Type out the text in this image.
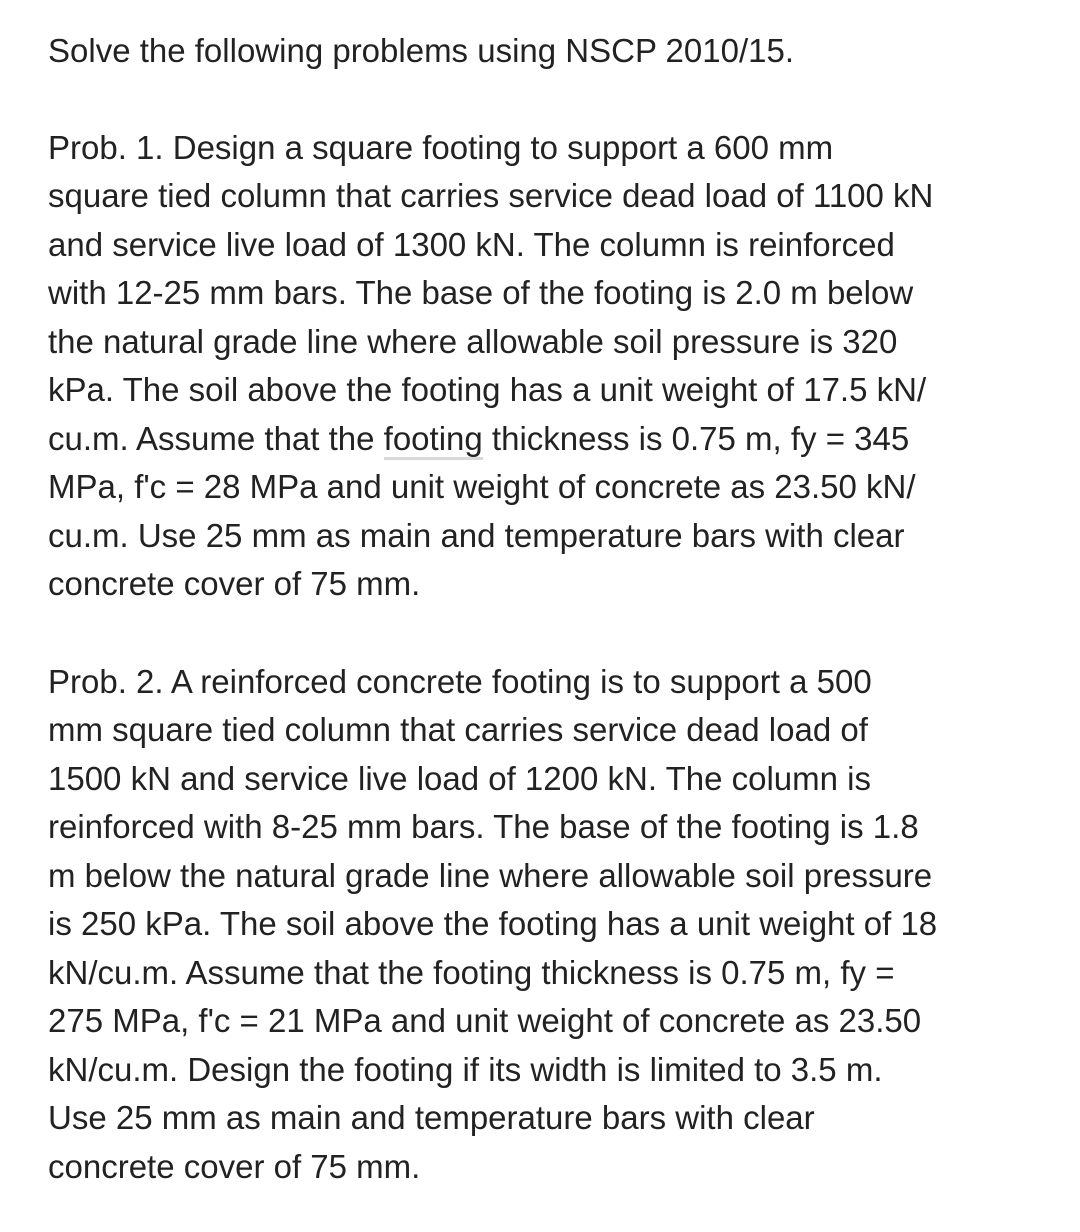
Solve the following problems using NSCP 2010/15.
Prob. 1. Design a square footing to support a 600 mm
square tied column that carries service dead load of 1100 kN
and service live load of 1300 kN. The column is reinforced
with 12-25 mm bars. The base of the footing is 2.0 m below
the natural grade line where allowable soil pressure is 320
kPa. The soil above the footing has a unit weight of 17.5 kN/
cu.m. Assume that the footing thickness is 0.75 m, fy = 345
MPa, f'c = 28 MPa and unit weight of concrete as 23.50 kN/
cu.m. Use 25 mm as main and temperature bars with clear
concrete cover of 75 mm.
Prob. 2. A reinforced concrete footing is to support a 500
mm square tied column that carries service dead load of
1500 kN and service live load of 1200 kN. The column is
reinforced with 8-25 mm bars. The base of the footing is 1.8
m below the natural grade line where allowable soil pressure
is 250 kPa. The soil above the footing has a unit weight of 18
kN/cu.m. Assume that the footing thickness is 0.75 m, fy =
275 MPa, f'c = 21 MPa and unit weight of concrete as 23.50
kN/cu.m. Design the footing if its width is limited to 3.5 m.
Use 25 mm as main and temperature bars with clear
concrete cover of 75 mm.
